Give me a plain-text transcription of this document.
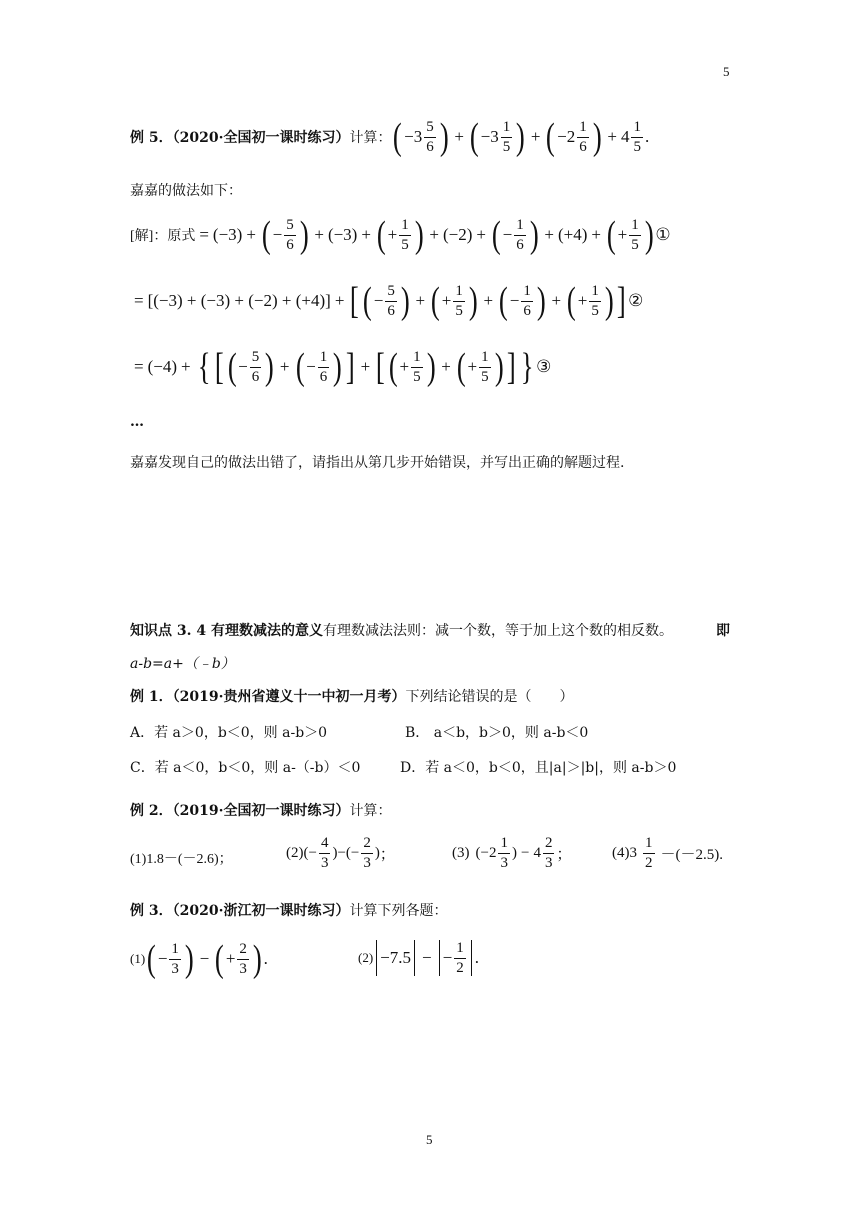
5
例 5．（2020·全国初一课时练习） 计算： ( $-3 \frac{5}{6}$
) + ( $-3 \frac{1}{5}$
) + ( $-2 \frac{1}{6}$
) + $4 \frac{1}{5}$ .
嘉嘉的做法如下：
[解]：原式 = (−3) + ( − $\frac{5}{6}$
) + (−3) + ( + $\frac{1}{5}$
) + (−2) + ( − $\frac{1}{6}$
) + (+4) + ( + $\frac{1}{5}$
) ①
= [(−3) + (−3) + (−2) + (+4)] + ( [ − $\frac{5}{6}$
) + ( + $\frac{1}{5}$
) + ( − $\frac{1}{6}$
) + ( + $\frac{1}{5}$
)
] ②
= (−4) +	( [ { − $\frac{5}{6}$
) + ( − $\frac{1}{6}$
)
] + ( [ + $\frac{1}{5}$
) + ( + $\frac{1}{5}$
)
]
}	③
…
嘉嘉发现自己的做法出错了，请指出从第几步开始错误，并写出正确的解题过程.
知识点 3. 4 有理数减法的意义有理数减法法则：减一个数，等于加上这个数的相反数。	即
a-b=a+（﹣b）
例 1．（2019·贵州省遵义十一中初一月考）下列结论错误的是（　　）
A．若 a＞0，b＜0，则 a-b＞0	B． a＜b，b＞0，则 a-b＜0
C．若 a＜0，b＜0，则 a-（-b）＜0	D．若 a＜0，b＜0，且|a|＞|b|，则 a-b＞0
例 2．（2019·全国初一课时练习）计算：
(1)1.8－(－2.6)；	(2) (− $\frac{4}{3}$ ) −(− $\frac{2}{3}$ ) ；	(3) ( $-2 \frac{1}{3}$ ) − $4 \frac{2}{3}$ ；	$(4)3 \frac{1}{2} -(-2.5)$.
例 3．（2020·浙江初一课时练习）计算下列各题：
(1) ( − $\frac{1}{3}$
) − ( + $\frac{2}{3}$
) .	(2) −7.5 − − $\frac{1}{2}$ .
5
